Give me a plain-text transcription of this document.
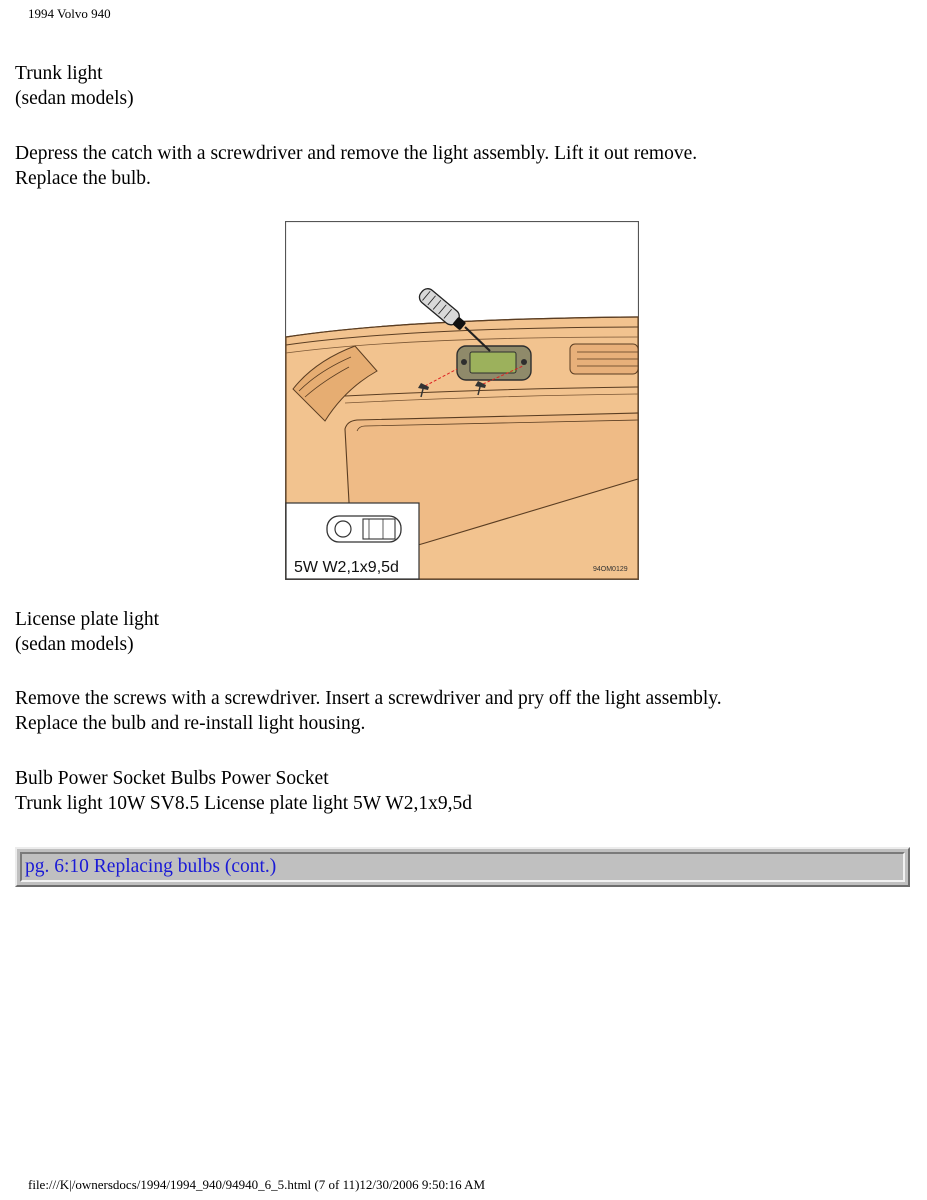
1994 Volvo 940
Trunk light
(sedan models)
Depress the catch with a screwdriver and remove the light assembly. Lift it out remove.
Replace the bulb.
5W W2,1x9,5d	94OM0129
License plate light
(sedan models)
Remove the screws with a screwdriver. Insert a screwdriver and pry off the light assembly.
Replace the bulb and re-install light housing.
Bulb Power Socket Bulbs Power Socket
Trunk light 10W SV8.5 License plate light 5W W2,1x9,5d
pg. 6:10 Replacing bulbs (cont.)
file:///K|/ownersdocs/1994/1994_940/94940_6_5.html (7 of 11)12/30/2006 9:50:16 AM
